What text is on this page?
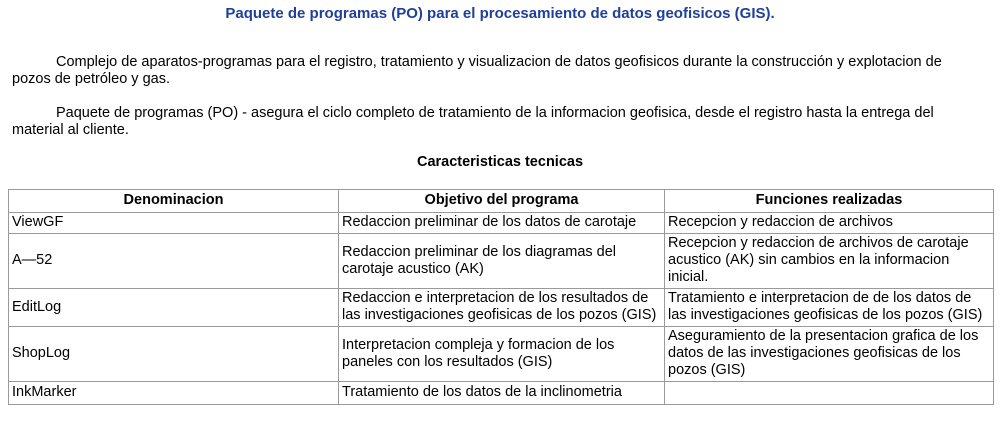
Paquete de programas (PO) para el procesamiento de datos geofisicos (GIS).
Complejo de aparatos-programas para el registro, tratamiento y visualizacion de datos geofisicos durante la construcción y explotacion de pozos de petróleo y gas.
Paquete de programas (PO) - asegura el ciclo completo de tratamiento de la informacion geofisica, desde el registro hasta la entrega del material al cliente.
Caracteristicas tecnicas
Denominacion	Objetivo del programa	Funciones realizadas
ViewGF	Redaccion preliminar de los datos de carotaje	Recepcion y redaccion de archivos
A—52	Redaccion preliminar de los diagramas del carotaje acustico (AK)	Recepcion y redaccion de archivos de carotaje acustico (AK) sin cambios en la informacion inicial.
EditLog	Redaccion e interpretacion de los resultados de las investigaciones geofisicas de los pozos (GIS)	Tratamiento e interpretacion de de los datos de las investigaciones geofisicas de los pozos (GIS)
ShopLog	Interpretacion compleja y formacion de los paneles con los resultados (GIS)	Aseguramiento de la presentacion grafica de los datos de las investigaciones geofisicas de los pozos (GIS)
InkMarker	Tratamiento de los datos de la inclinometria	
